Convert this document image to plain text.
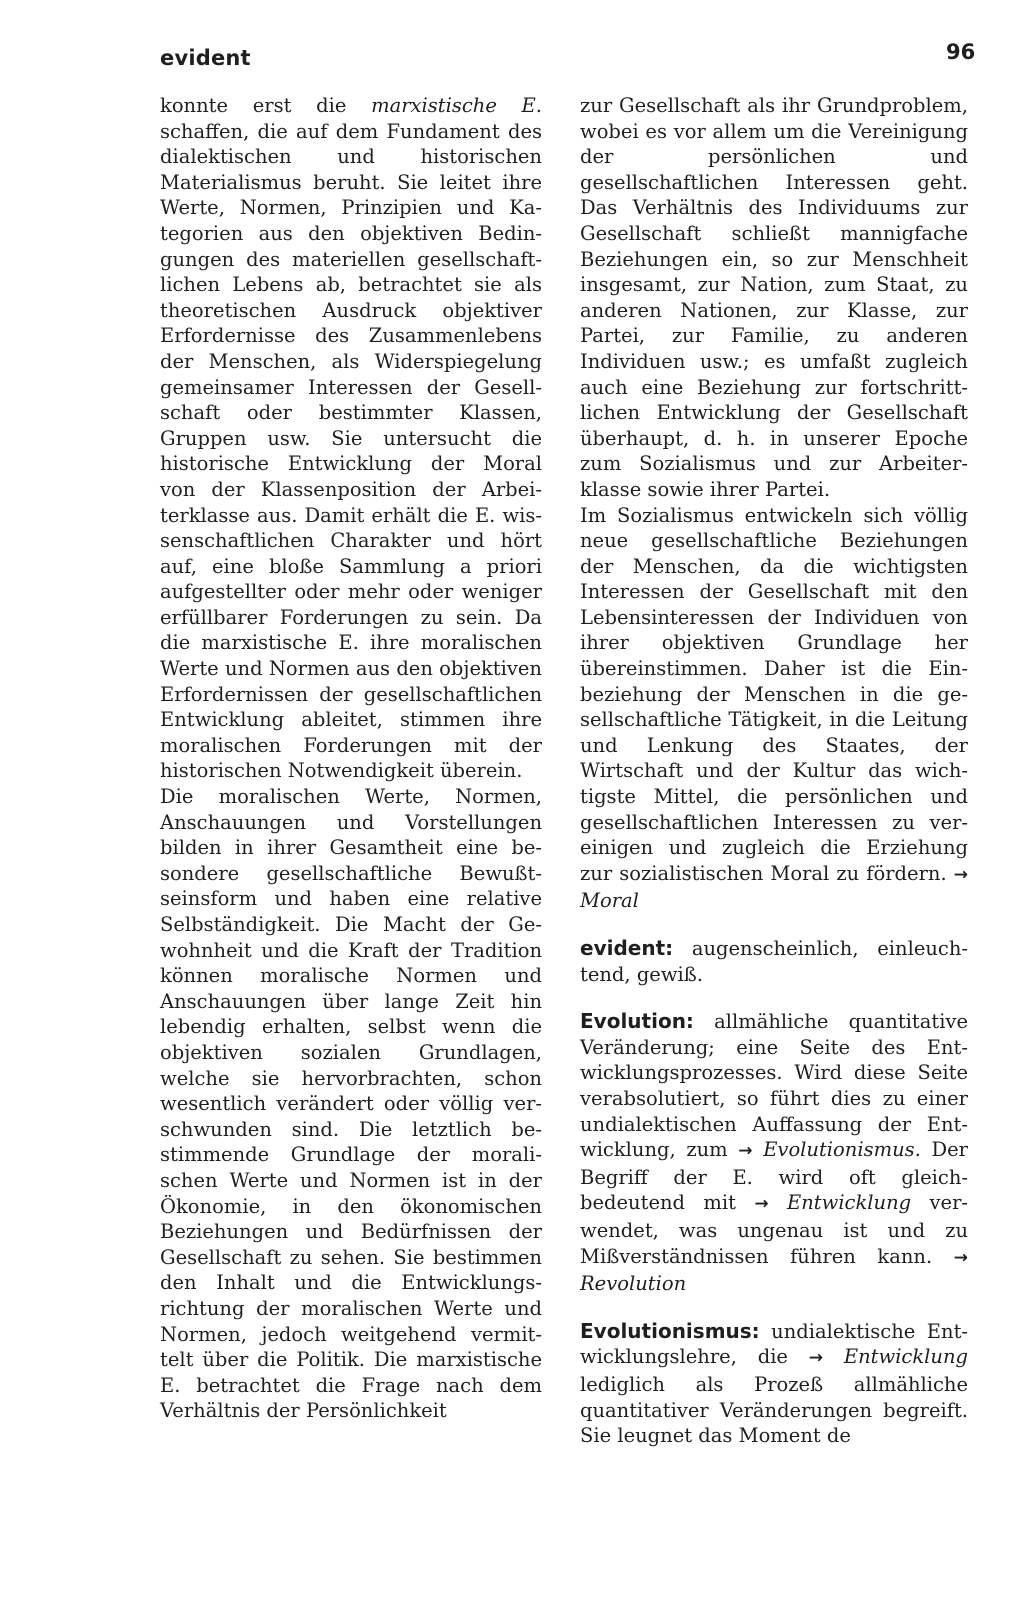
evident	96

konnte erst die marxistische E. schaffen, die auf dem Fundament des dialektischen und historischen Materialismus beruht. Sie leitet ihre Werte, Normen, Prinzipien und Kategorien aus den objektiven Bedingungen des materiellen gesellschaftlichen Lebens ab, betrachtet sie als theoretischen Ausdruck objektiver Erfordernisse des Zusammenlebens der Menschen, als Widerspiegelung gemeinsamer Interessen der Gesellschaft oder bestimmter Klassen, Gruppen usw. Sie untersucht die historische Entwicklung der Moral von der Klassenposition der Arbeiterklasse aus. Damit erhält die E. wissenschaftlichen Charakter und hört auf, eine bloße Sammlung a priori aufgestellter oder mehr oder weniger erfüllbarer Forderungen zu sein. Da die marxistische E. ihre moralischen Werte und Normen aus den objektiven Erfordernissen der gesellschaftlichen Entwicklung ableitet, stimmen ihre moralischen Forderungen mit der historischen Notwendigkeit überein.

Die moralischen Werte, Normen, Anschauungen und Vorstellungen bilden in ihrer Gesamtheit eine besondere gesellschaftliche Bewußtseinsform und haben eine relative Selbständigkeit. Die Macht der Gewohnheit und die Kraft der Tradition können moralische Normen und Anschauungen über lange Zeit hin lebendig erhalten, selbst wenn die objektiven sozialen Grundlagen, welche sie hervorbrachten, schon wesentlich verändert oder völlig verschwunden sind. Die letztlich bestimmende Grundlage der moralischen Werte und Normen ist in der Ökonomie, in den ökonomischen Beziehungen und Bedürfnissen der Gesellschaft zu sehen. Sie bestimmen den Inhalt und die Entwicklungsrichtung der moralischen Werte und Normen, jedoch weitgehend vermittelt über die Politik. Die marxistische E. betrachtet die Frage nach dem Verhältnis der Persönlichkeit

zur Gesellschaft als ihr Grundproblem, wobei es vor allem um die Vereinigung der persönlichen und gesellschaftlichen Interessen geht. Das Verhältnis des Individuums zur Gesellschaft schließt mannigfache Beziehungen ein, so zur Menschheit insgesamt, zur Nation, zum Staat, zu anderen Nationen, zur Klasse, zur Partei, zur Familie, zu anderen Individuen usw.; es umfaßt zugleich auch eine Beziehung zur fortschrittlichen Entwicklung der Gesellschaft überhaupt, d. h. in unserer Epoche zum Sozialismus und zur Arbeiterklasse sowie ihrer Partei.

Im Sozialismus entwickeln sich völlig neue gesellschaftliche Beziehungen der Menschen, da die wichtigsten Interessen der Gesellschaft mit den Lebensinteressen der Individuen von ihrer objektiven Grundlage her übereinstimmen. Daher ist die Einbeziehung der Menschen in die gesellschaftliche Tätigkeit, in die Leitung und Lenkung des Staates, der Wirtschaft und der Kultur das wichtigste Mittel, die persönlichen und gesellschaftlichen Interessen zu vereinigen und zugleich die Erziehung zur sozialistischen Moral zu fördern. → Moral

evident: augenscheinlich, einleuchtend, gewiß.

Evolution: allmähliche quantitative Veränderung; eine Seite des Entwicklungsprozesses. Wird diese Seite verabsolutiert, so führt dies zu einer undialektischen Auffassung der Entwicklung, zum → Evolutionismus. Der Begriff der E. wird oft gleichbedeutend mit → Entwicklung verwendet, was ungenau ist und zu Mißverständnissen führen kann. → Revolution

Evolutionismus: undialektische Entwicklungslehre, die → Entwicklung lediglich als Prozeß allmähliche quantitativer Veränderungen begreift. Sie leugnet das Moment de
